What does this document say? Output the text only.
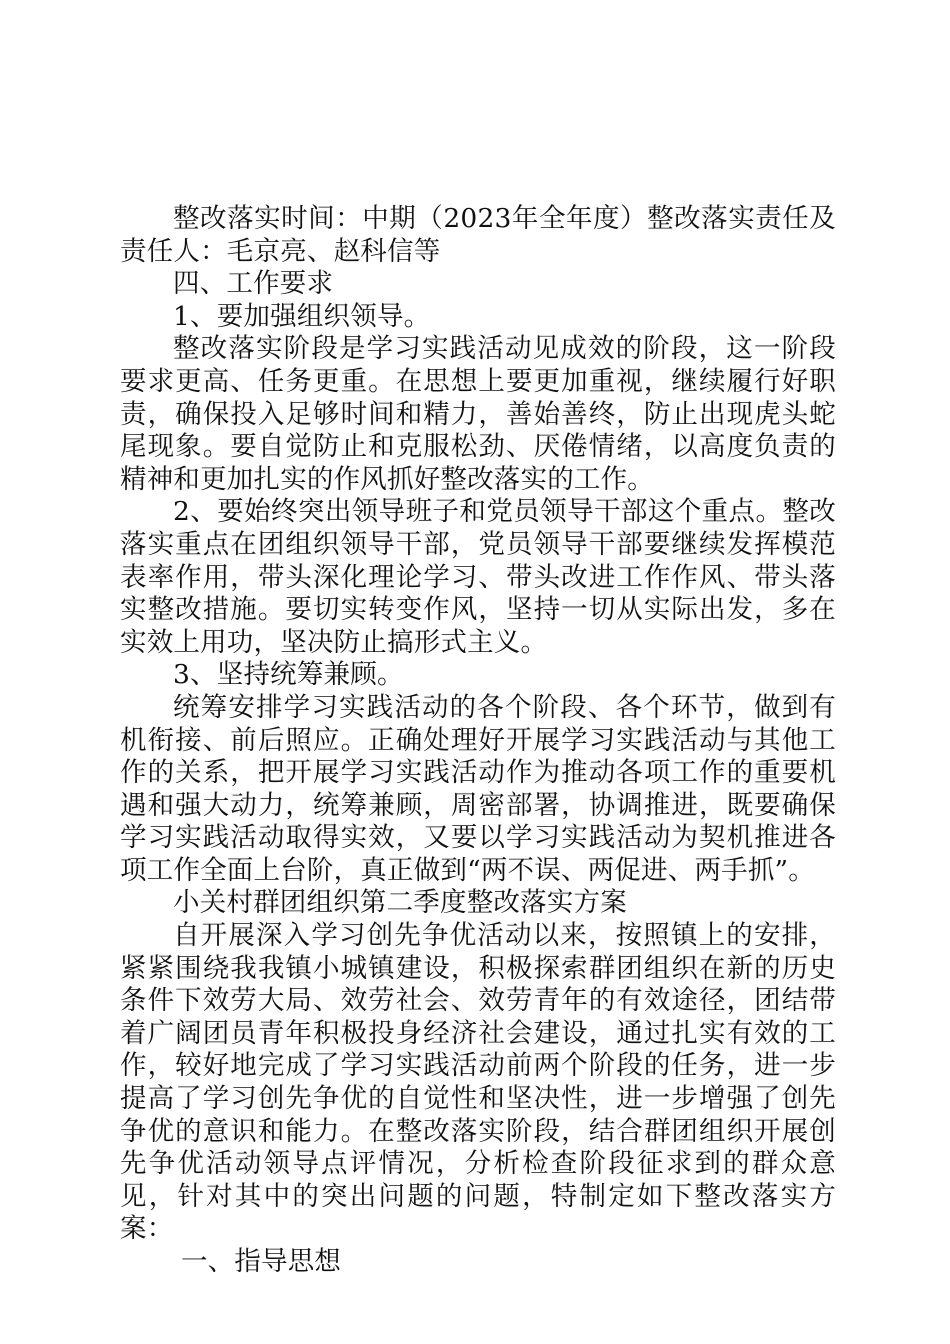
整改落实时间：中期（2023年全年度）整改落实责任及责任人：毛京亮、赵科信等

四、工作要求

1、要加强组织领导。

整改落实阶段是学习实践活动见成效的阶段，这一阶段要求更高、任务更重。在思想上要更加重视，继续履行好职责，确保投入足够时间和精力，善始善终，防止出现虎头蛇尾现象。要自觉防止和克服松劲、厌倦情绪，以高度负责的精神和更加扎实的作风抓好整改落实的工作。

2、要始终突出领导班子和党员领导干部这个重点。整改落实重点在团组织领导干部，党员领导干部要继续发挥模范表率作用，带头深化理论学习、带头改进工作作风、带头落实整改措施。要切实转变作风，坚持一切从实际出发，多在实效上用功，坚决防止搞形式主义。

3、坚持统筹兼顾。

统筹安排学习实践活动的各个阶段、各个环节，做到有机衔接、前后照应。正确处理好开展学习实践活动与其他工作的关系，把开展学习实践活动作为推动各项工作的重要机遇和强大动力，统筹兼顾，周密部署，协调推进，既要确保学习实践活动取得实效，又要以学习实践活动为契机推进各项工作全面上台阶，真正做到“两不误、两促进、两手抓”。

小关村群团组织第二季度整改落实方案

自开展深入学习创先争优活动以来，按照镇上的安排，紧紧围绕我我镇小城镇建设，积极探索群团组织在新的历史条件下效劳大局、效劳社会、效劳青年的有效途径，团结带着广阔团员青年积极投身经济社会建设，通过扎实有效的工作，较好地完成了学习实践活动前两个阶段的任务，进一步提高了学习创先争优的自觉性和坚决性，进一步增强了创先争优的意识和能力。在整改落实阶段，结合群团组织开展创先争优活动领导点评情况，分析检查阶段征求到的群众意见，针对其中的突出问题的问题，特制定如下整改落实方案：

一、指导思想
